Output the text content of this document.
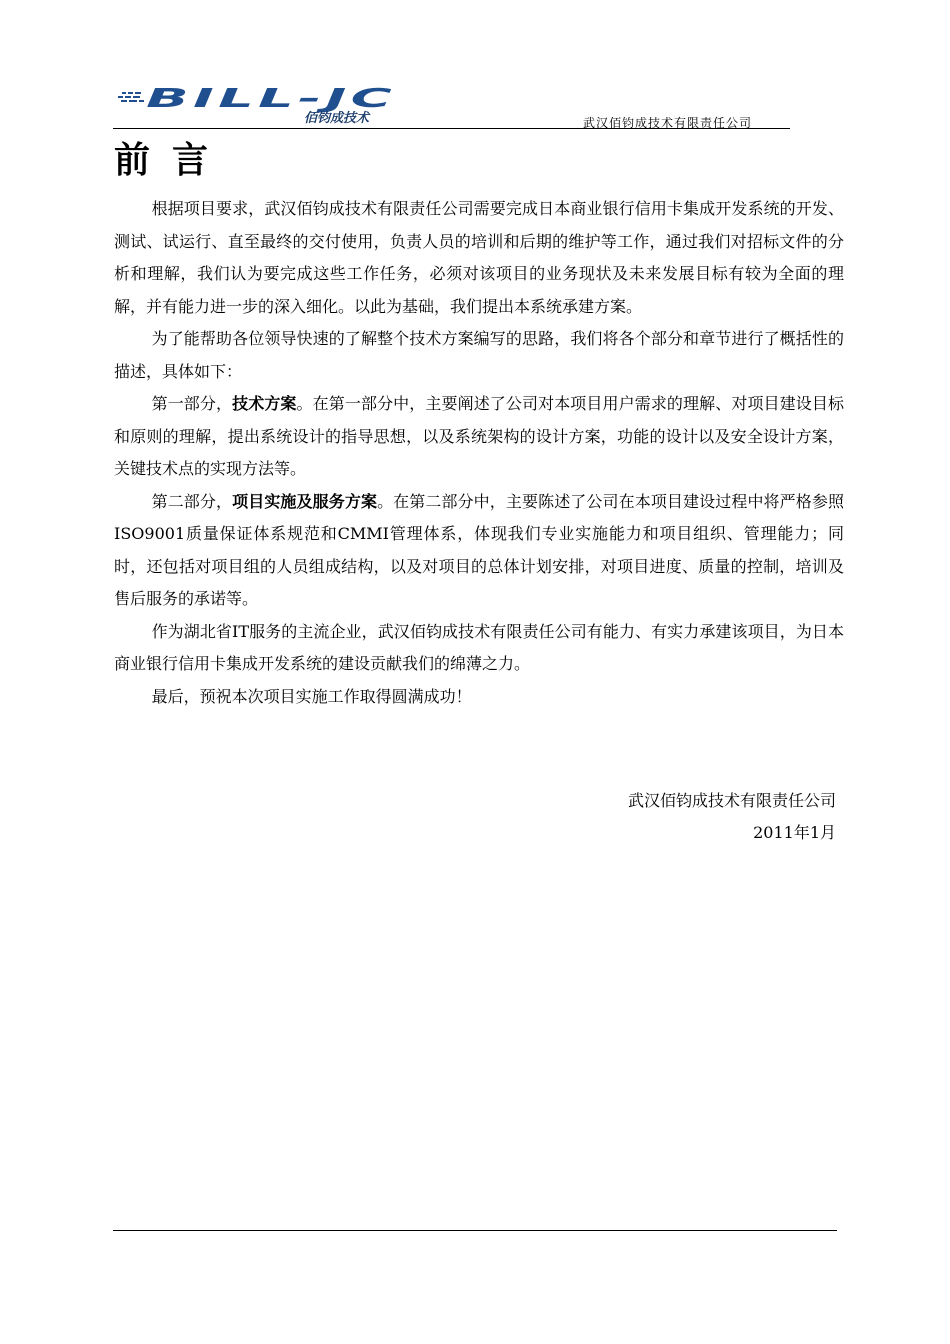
BILL-JC
佰钧成技术	武汉佰钧成技术有限责任公司
前言

根据项目要求，武汉佰钧成技术有限责任公司需要完成日本商业银行信用卡集成开发系统的开发、测试、试运行、直至最终的交付使用，负责人员的培训和后期的维护等工作，通过我们对招标文件的分析和理解，我们认为要完成这些工作任务，必须对该项目的业务现状及未来发展目标有较为全面的理解，并有能力进一步的深入细化。以此为基础，我们提出本系统承建方案。

为了能帮助各位领导快速的了解整个技术方案编写的思路，我们将各个部分和章节进行了概括性的描述，具体如下：

第一部分，技术方案。在第一部分中，主要阐述了公司对本项目用户需求的理解、对项目建设目标和原则的理解，提出系统设计的指导思想，以及系统架构的设计方案，功能的设计以及安全设计方案，关键技术点的实现方法等。

第二部分，项目实施及服务方案。在第二部分中，主要陈述了公司在本项目建设过程中将严格参照ISO9001质量保证体系规范和CMMI管理体系，体现我们专业实施能力和项目组织、管理能力；同时，还包括对项目组的人员组成结构，以及对项目的总体计划安排，对项目进度、质量的控制，培训及售后服务的承诺等。

作为湖北省IT服务的主流企业，武汉佰钧成技术有限责任公司有能力、有实力承建该项目，为日本商业银行信用卡集成开发系统的建设贡献我们的绵薄之力。

最后，预祝本次项目实施工作取得圆满成功！

武汉佰钧成技术有限责任公司
2011年1月
